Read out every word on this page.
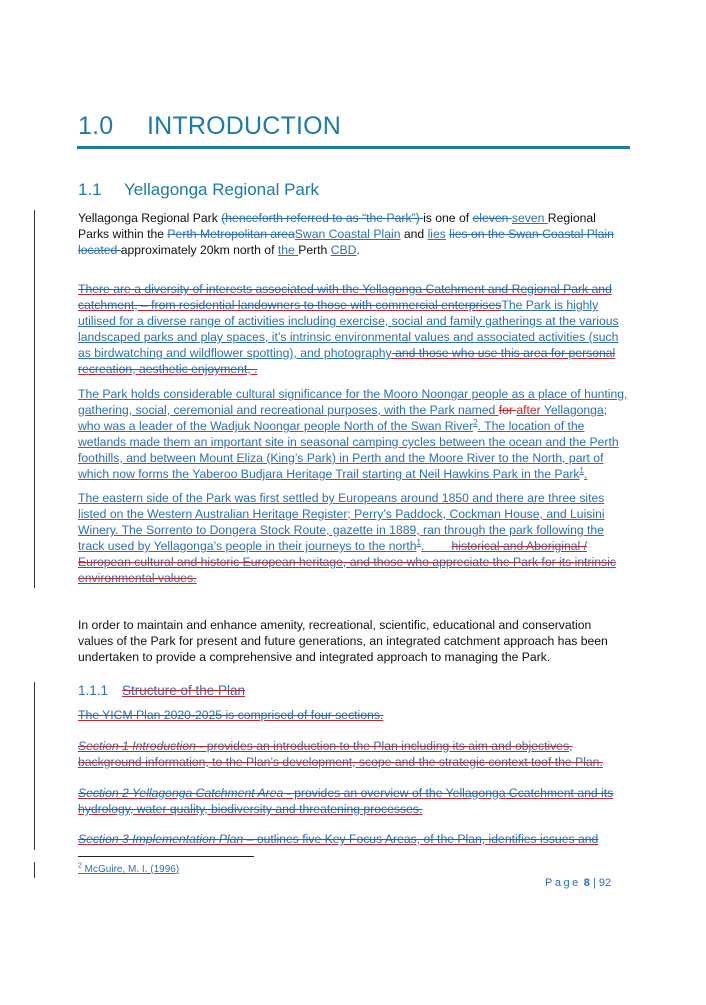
1.0 INTRODUCTION
1.1 Yellagonga Regional Park
Yellagonga Regional Park (henceforth referred to as “the Park”) is one of eleven seven Regional
Parks within the Perth Metropolitan areaSwan Coastal Plain and lies lies on the Swan Coastal Plain
located approximately 20km north of the Perth CBD.
There are a diversity of interests associated with the Yellagonga Catchment and Regional Park and
catchment, – from residential landowners to those with commercial enterprisesThe Park is highly
utilised for a diverse range of activities including exercise, social and family gatherings at the various
landscaped parks and play spaces, it’s intrinsic environmental values and associated activities (such
as birdwatching and wildflower spotting), and photography and those who use this area for personal
recreation, aesthetic enjoyment, .
The Park holds considerable cultural significance for the Mooro Noongar people as a place of hunting,
gathering, social, ceremonial and recreational purposes, with the Park named for after Yellagonga;
who was a leader of the Wadjuk Noongar people North of the Swan River$^2$. The location of the
wetlands made them an important site in seasonal camping cycles between the ocean and the Perth
foothills, and between Mount Eliza (King’s Park) in Perth and the Moore River to the North, part of
which now forms the Yaberoo Budjara Heritage Trail starting at Neil Hawkins Park in the Park$^1$.
The eastern side of the Park was first settled by Europeans around 1850 and there are three sites
listed on the Western Australian Heritage Register; Perry’s Paddock, Cockman House, and Luisini
Winery. The Sorrento to Dongera Stock Route, gazette in 1889, ran through the park following the
track used by Yellagonga’s people in their journeys to the north$^1$.        historical and Aboriginal /
European cultural and historic European heritage, and those who appreciate the Park for its intrinsic
environmental values.
In order to maintain and enhance amenity, recreational, scientific, educational and conservation
values of the Park for present and future generations, an integrated catchment approach has been
undertaken to provide a comprehensive and integrated approach to managing the Park.
1.1.1 Structure of the Plan
The YICM Plan 2020-2025 is comprised of four sections.
Section 1 Introduction - provides an introduction to the Plan including its aim and objectives,
background information, to the Plan’s development, scope and the strategic context toof the Plan.
Section 2 Yellagonga Catchment Area - provides an overview of the Yellagonga Ccatchment and its
hydrology, water quality, biodiversity and threatening processes.
Section 3 Implementation Plan – outlines five Key Focus Areas, of the Plan, identifies issues and
$^2$ McGuire, M. I. (1996)
Page 8 | 92
